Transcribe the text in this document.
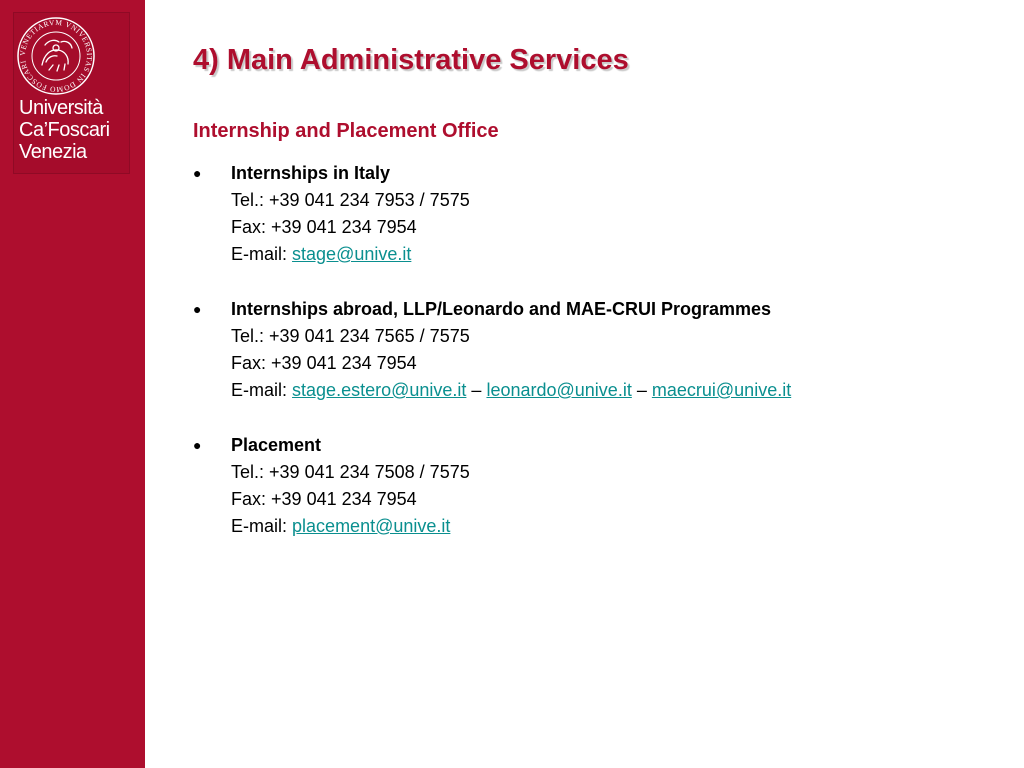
VENETIARVM VNIVERSITAS IN DOMO FOSCARI
Università
Ca’Foscari
Venezia
4) Main Administrative Services
Internship and Placement Office
● Internships in Italy
Tel.: +39 041 234 7953 / 7575
Fax: +39 041 234 7954
E-mail: stage@unive.it
● Internships abroad, LLP/Leonardo and MAE-CRUI Programmes
Tel.: +39 041 234 7565 / 7575
Fax: +39 041 234 7954
E-mail: stage.estero@unive.it – leonardo@unive.it – maecrui@unive.it
● Placement
Tel.: +39 041 234 7508 / 7575
Fax: +39 041 234 7954
E-mail: placement@unive.it
